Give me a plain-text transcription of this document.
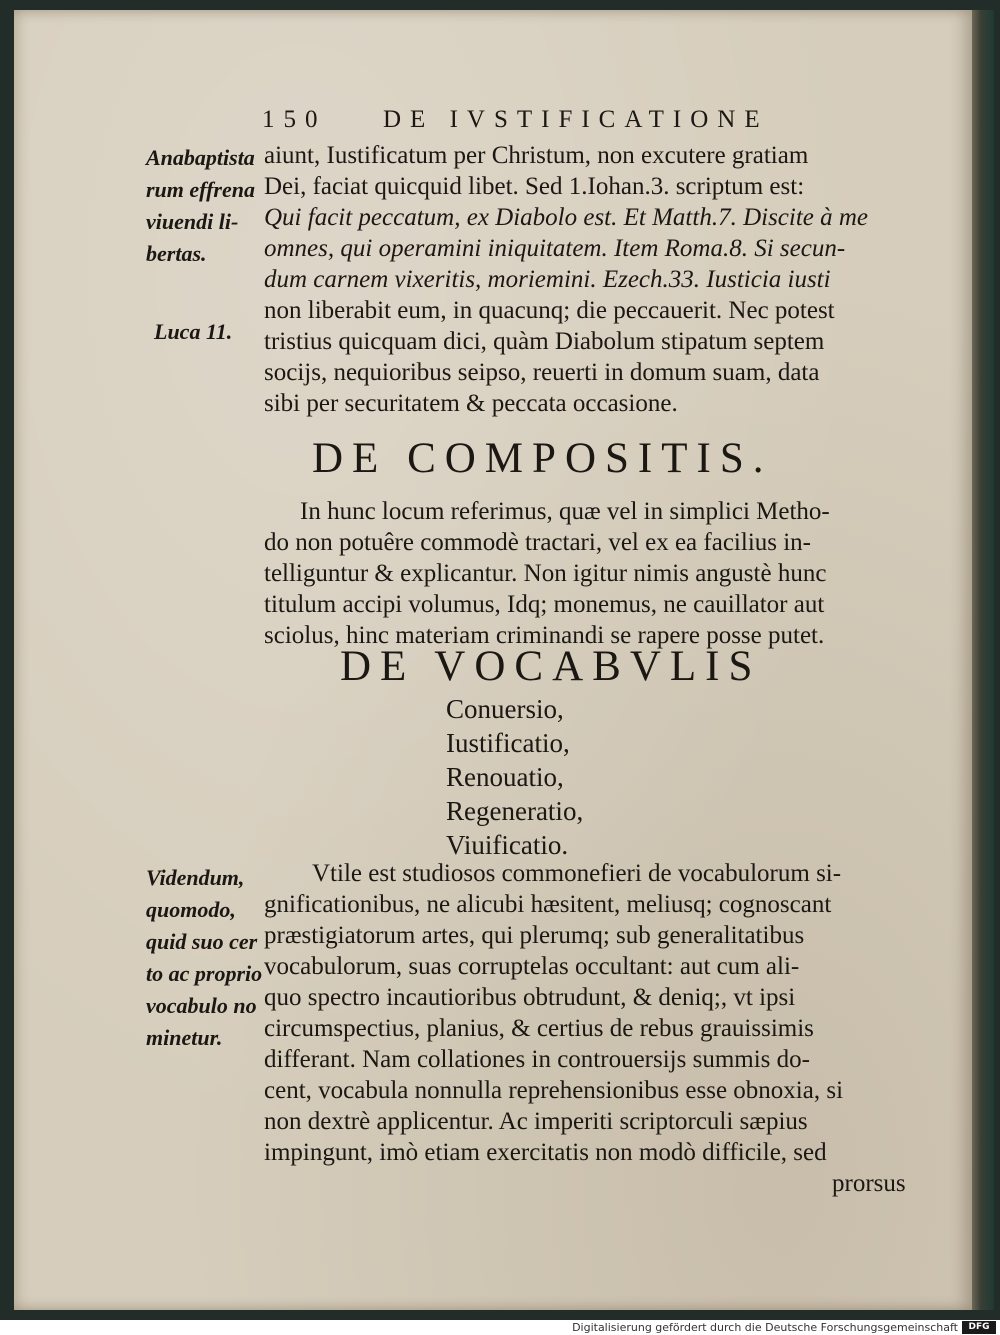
150 DE IVSTIFICATIONE
Anabaptista
rum effrena
viuendi li-
bertas.
Luca 11.
aiunt, Iustificatum per Christum, non excutere gratiam
Dei, faciat quicquid libet. Sed 1.Iohan.3. scriptum est:
Qui facit peccatum, ex Diabolo est. Et Matth.7. Discite à me
omnes, qui operamini iniquitatem. Item Roma.8. Si secun-
dum carnem vixeritis, moriemini. Ezech.33. Iusticia iusti
non liberabit eum, in quacunq; die peccauerit. Nec potest
tristius quicquam dici, quàm Diabolum stipatum septem
socijs, nequioribus seipso, reuerti in domum suam, data
sibi per securitatem & peccata occasione.
DE COMPOSITIS.
In hunc locum referimus, quæ vel in simplici Metho-
do non potuêre commodè tractari, vel ex ea facilius in-
telliguntur & explicantur. Non igitur nimis angustè hunc
titulum accipi volumus, Idq; monemus, ne cauillator aut
sciolus, hinc materiam criminandi se rapere posse putet.
DE VOCABVLIS
Conuersio,
Iustificatio,
Renouatio,
Regeneratio,
Viuificatio.
Videndum,
quomodo,
quid suo cer
to ac proprio
vocabulo no
minetur.
Vtile est studiosos commonefieri de vocabulorum si-
gnificationibus, ne alicubi hæsitent, meliusq; cognoscant
præstigiatorum artes, qui plerumq; sub generalitatibus
vocabulorum, suas corruptelas occultant: aut cum ali-
quo spectro incautioribus obtrudunt, & deniq;, vt ipsi
circumspectius, planius, & certius de rebus grauissimis
differant. Nam collationes in controuersijs summis do-
cent, vocabula nonnulla reprehensionibus esse obnoxia, si
non dextrè applicentur. Ac imperiti scriptorculi sæpius
impingunt, imò etiam exercitatis non modò difficile, sed
prorsus
Digitalisierung gefördert durch die Deutsche Forschungsgemeinschaft	DFG
